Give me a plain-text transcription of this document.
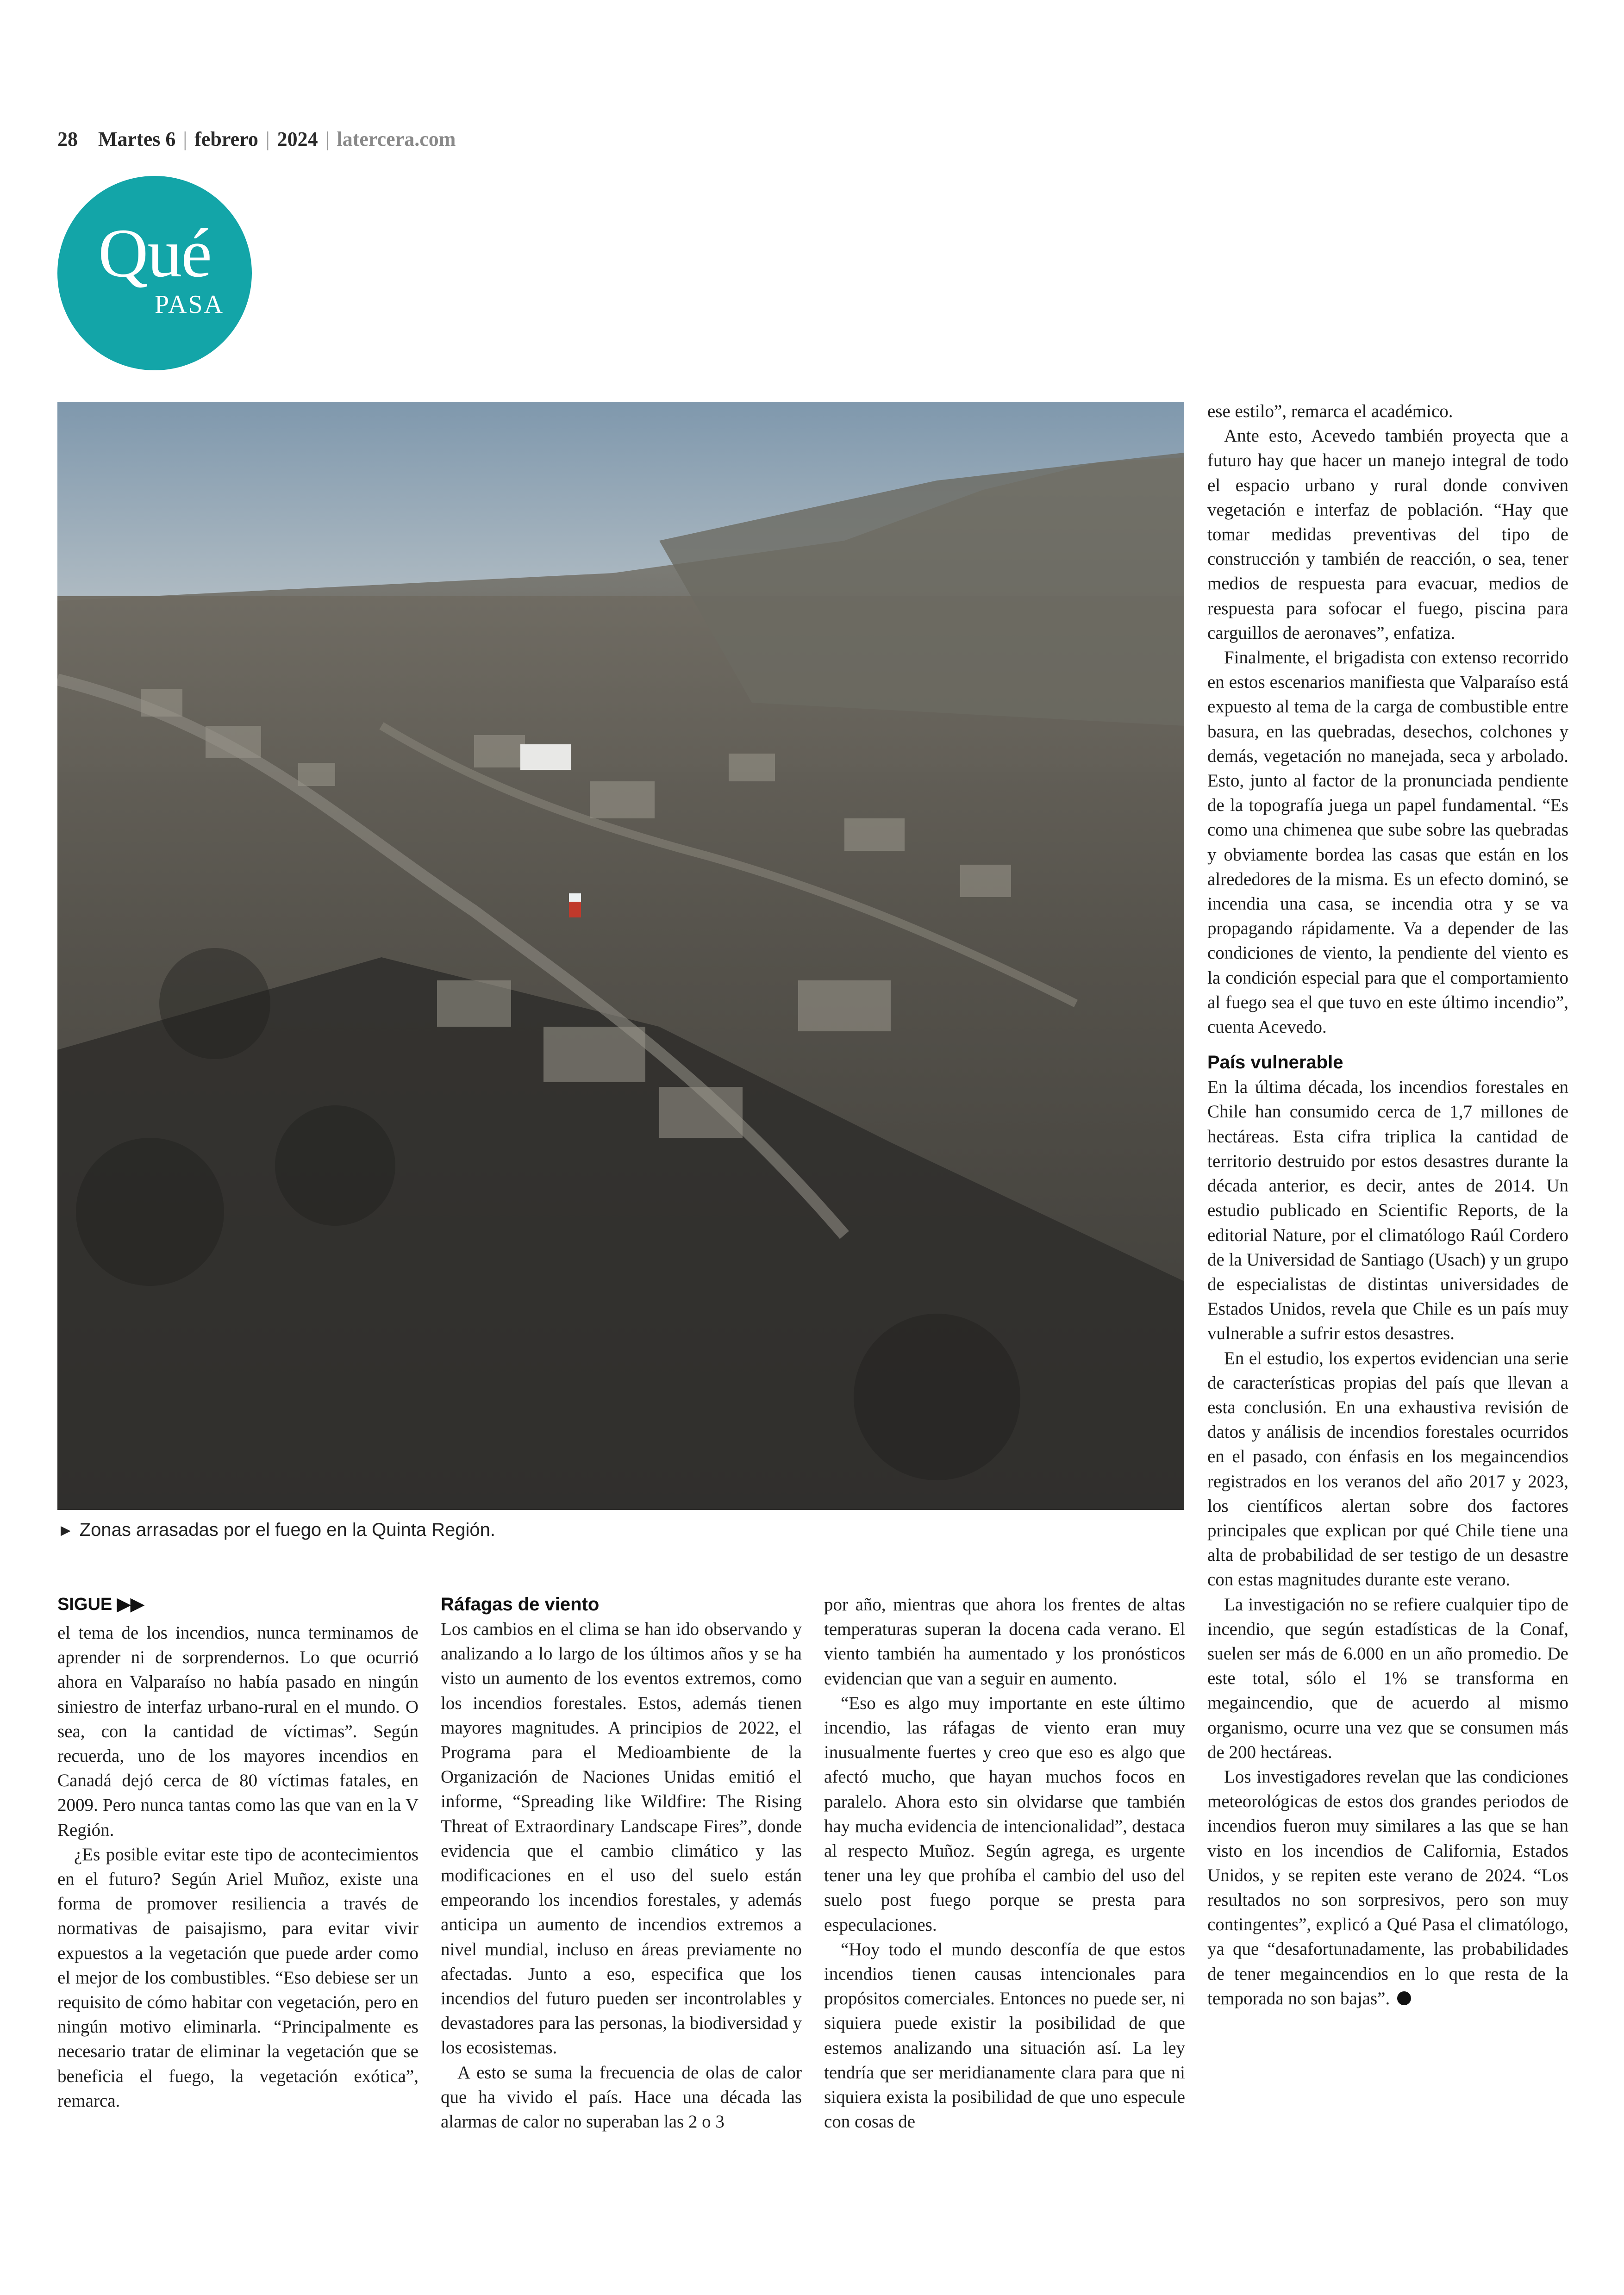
28 Martes 6 | febrero | 2024 | latercera.com
Qué
PASA
► Zonas arrasadas por el fuego en la Quinta Región.
SIGUE ▶▶

el tema de los incendios, nunca terminamos de aprender ni de sorprendernos. Lo que ocurrió ahora en Valparaíso no había pasado en ningún siniestro de interfaz urbano-rural en el mundo. O sea, con la cantidad de víctimas”. Según recuerda, uno de los mayores incendios en Canadá dejó cerca de 80 víctimas fatales, en 2009. Pero nunca tantas como las que van en la V Región.

¿Es posible evitar este tipo de acontecimientos en el futuro? Según Ariel Muñoz, existe una forma de promover resiliencia a través de normativas de paisajismo, para evitar vivir expuestos a la vegetación que puede arder como el mejor de los combustibles. “Eso debiese ser un requisito de cómo habitar con vegetación, pero en ningún motivo eliminarla. “Principalmente es necesario tratar de eliminar la vegetación que se beneficia el fuego, la vegetación exótica”, remarca.

Ráfagas de viento

Los cambios en el clima se han ido observando y analizando a lo largo de los últimos años y se ha visto un aumento de los eventos extremos, como los incendios forestales. Estos, además tienen mayores magnitudes. A principios de 2022, el Programa para el Medioambiente de la Organización de Naciones Unidas emitió el informe, “Spreading like Wildfire: The Rising Threat of Extraordinary Landscape Fires”, donde evidencia que el cambio climático y las modificaciones en el uso del suelo están empeorando los incendios forestales, y además anticipa un aumento de incendios extremos a nivel mundial, incluso en áreas previamente no afectadas. Junto a eso, especifica que los incendios del futuro pueden ser incontrolables y devastadores para las personas, la biodiversidad y los ecosistemas.

A esto se suma la frecuencia de olas de calor que ha vivido el país. Hace una década las alarmas de calor no superaban las 2 o 3

por año, mientras que ahora los frentes de altas temperaturas superan la docena cada verano. El viento también ha aumentado y los pronósticos evidencian que van a seguir en aumento.

“Eso es algo muy importante en este último incendio, las ráfagas de viento eran muy inusualmente fuertes y creo que eso es algo que afectó mucho, que hayan muchos focos en paralelo. Ahora esto sin olvidarse que también hay mucha evidencia de intencionalidad”, destaca al respecto Muñoz. Según agrega, es urgente tener una ley que prohíba el cambio del uso del suelo post fuego porque se presta para especulaciones.

“Hoy todo el mundo desconfía de que estos incendios tienen causas intencionales para propósitos comerciales. Entonces no puede ser, ni siquiera puede existir la posibilidad de que estemos analizando una situación así. La ley tendría que ser meridianamente clara para que ni siquiera exista la posibilidad de que uno especule con cosas de

ese estilo”, remarca el académico.

Ante esto, Acevedo también proyecta que a futuro hay que hacer un manejo integral de todo el espacio urbano y rural donde conviven vegetación e interfaz de población. “Hay que tomar medidas preventivas del tipo de construcción y también de reacción, o sea, tener medios de respuesta para evacuar, medios de respuesta para sofocar el fuego, piscina para carguillos de aeronaves”, enfatiza.

Finalmente, el brigadista con extenso recorrido en estos escenarios manifiesta que Valparaíso está expuesto al tema de la carga de combustible entre basura, en las quebradas, desechos, colchones y demás, vegetación no manejada, seca y arbolado. Esto, junto al factor de la pronunciada pendiente de la topografía juega un papel fundamental. “Es como una chimenea que sube sobre las quebradas y obviamente bordea las casas que están en los alrededores de la misma. Es un efecto dominó, se incendia una casa, se incendia otra y se va propagando rápidamente. Va a depender de las condiciones de viento, la pendiente del viento es la condición especial para que el comportamiento al fuego sea el que tuvo en este último incendio”, cuenta Acevedo.

País vulnerable

En la última década, los incendios forestales en Chile han consumido cerca de 1,7 millones de hectáreas. Esta cifra triplica la cantidad de territorio destruido por estos desastres durante la década anterior, es decir, antes de 2014. Un estudio publicado en Scientific Reports, de la editorial Nature, por el climatólogo Raúl Cordero de la Universidad de Santiago (Usach) y un grupo de especialistas de distintas universidades de Estados Unidos, revela que Chile es un país muy vulnerable a sufrir estos desastres.

En el estudio, los expertos evidencian una serie de características propias del país que llevan a esta conclusión. En una exhaustiva revisión de datos y análisis de incendios forestales ocurridos en el pasado, con énfasis en los megaincendios registrados en los veranos del año 2017 y 2023, los científicos alertan sobre dos factores principales que explican por qué Chile tiene una alta de probabilidad de ser testigo de un desastre con estas magnitudes durante este verano.

La investigación no se refiere cualquier tipo de incendio, que según estadísticas de la Conaf, suelen ser más de 6.000 en un año promedio. De este total, sólo el 1% se transforma en megaincendio, que de acuerdo al mismo organismo, ocurre una vez que se consumen más de 200 hectáreas.

Los investigadores revelan que las condiciones meteorológicas de estos dos grandes periodos de incendios fueron muy similares a las que se han visto en los incendios de California, Estados Unidos, y se repiten este verano de 2024. “Los resultados no son sorpresivos, pero son muy contingentes”, explicó a Qué Pasa el climatólogo, ya que “desafortunadamente, las probabilidades de tener megaincendios en lo que resta de la temporada no son bajas”.
